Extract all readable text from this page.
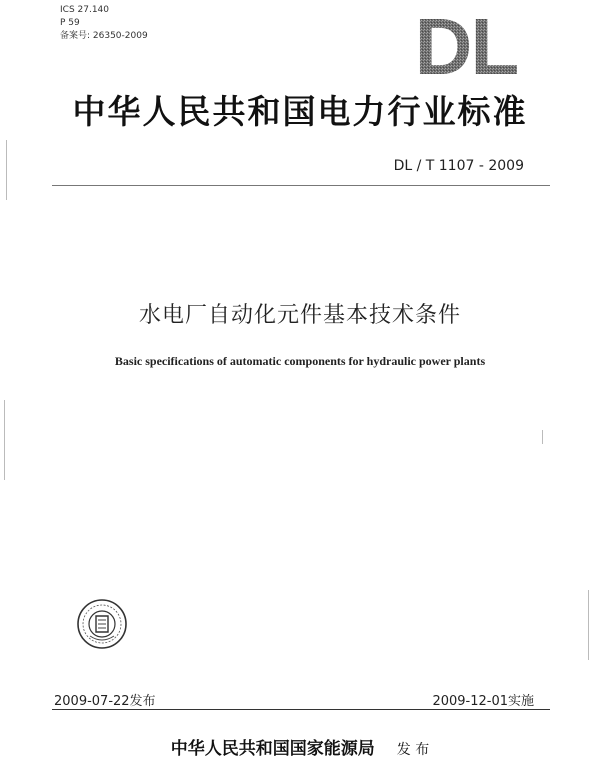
ICS 27.140
P 59
备案号: 26350-2009	DL
中华人民共和国电力行业标准
DL / T 1107 - 2009
水电厂自动化元件基本技术条件
Basic specifications of automatic components for hydraulic power plants
2009-07-22发布	2009-12-01实施
中华人民共和国国家能源局 发 布
